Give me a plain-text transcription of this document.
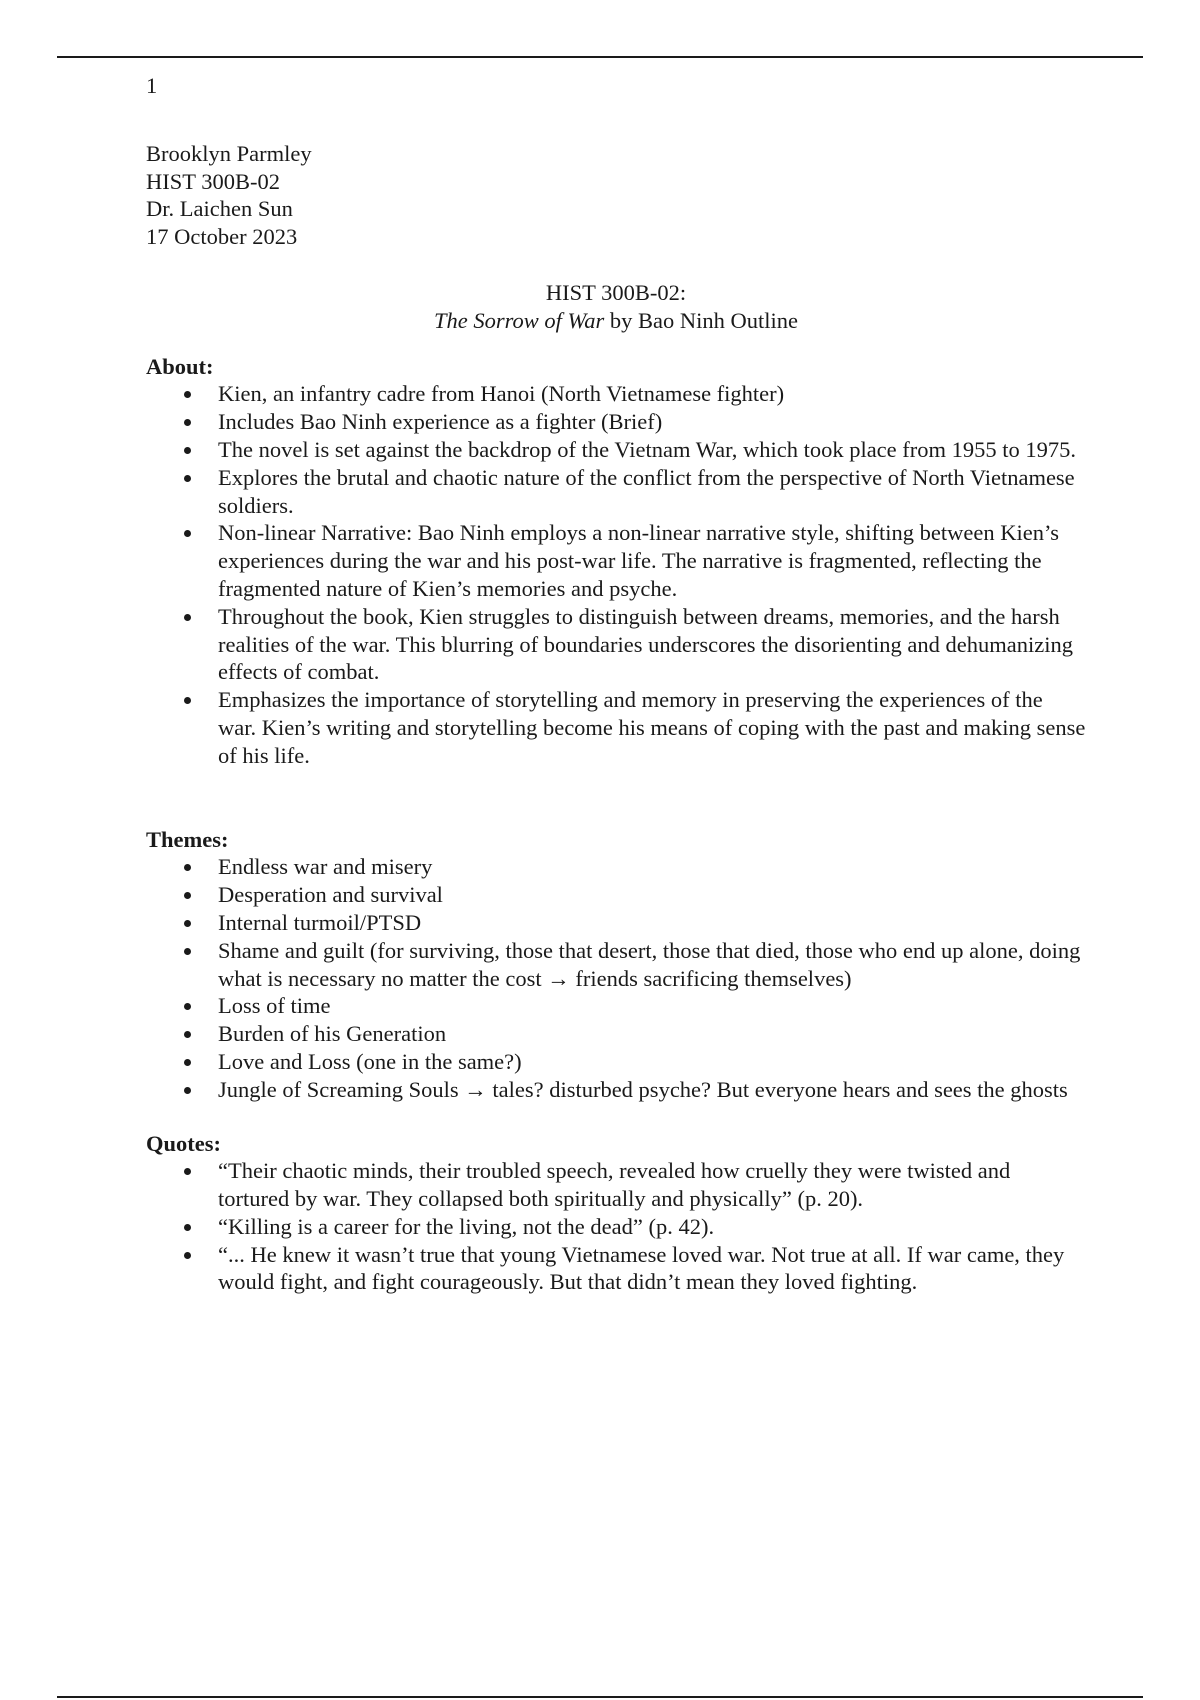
1
Brooklyn Parmley
HIST 300B-02
Dr. Laichen Sun
17 October 2023
HIST 300B-02:
The Sorrow of War by Bao Ninh Outline
About:
Kien, an infantry cadre from Hanoi (North Vietnamese fighter)
Includes Bao Ninh experience as a fighter (Brief)
The novel is set against the backdrop of the Vietnam War, which took place from 1955 to 1975.
Explores the brutal and chaotic nature of the conflict from the perspective of North Vietnamese soldiers.
Non-linear Narrative: Bao Ninh employs a non-linear narrative style, shifting between Kien’s experiences during the war and his post-war life. The narrative is fragmented, reflecting the fragmented nature of Kien’s memories and psyche.
Throughout the book, Kien struggles to distinguish between dreams, memories, and the harsh realities of the war. This blurring of boundaries underscores the disorienting and dehumanizing effects of combat.
Emphasizes the importance of storytelling and memory in preserving the experiences of the war. Kien’s writing and storytelling become his means of coping with the past and making sense of his life.
Themes:
Endless war and misery
Desperation and survival
Internal turmoil/PTSD
Shame and guilt (for surviving, those that desert, those that died, those who end up alone, doing what is necessary no matter the cost → friends sacrificing themselves)
Loss of time
Burden of his Generation
Love and Loss (one in the same?)
Jungle of Screaming Souls → tales? disturbed psyche? But everyone hears and sees the ghosts
Quotes:
“Their chaotic minds, their troubled speech, revealed how cruelly they were twisted and tortured by war. They collapsed both spiritually and physically” (p. 20).
“Killing is a career for the living, not the dead” (p. 42).
“... He knew it wasn’t true that young Vietnamese loved war. Not true at all. If war came, they would fight, and fight courageously. But that didn’t mean they loved fighting.
